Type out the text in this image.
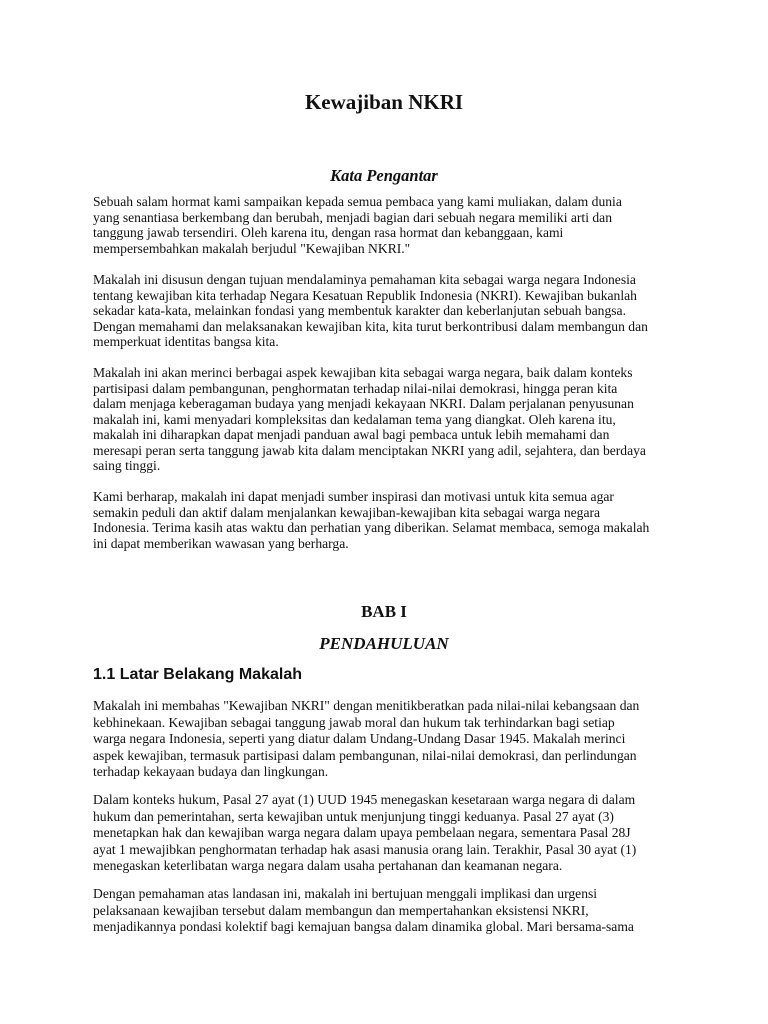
Kewajiban NKRI
Kata Pengantar

Sebuah salam hormat kami sampaikan kepada semua pembaca yang kami muliakan, dalam dunia
yang senantiasa berkembang dan berubah, menjadi bagian dari sebuah negara memiliki arti dan
tanggung jawab tersendiri. Oleh karena itu, dengan rasa hormat dan kebanggaan, kami
mempersembahkan makalah berjudul "Kewajiban NKRI."

Makalah ini disusun dengan tujuan mendalaminya pemahaman kita sebagai warga negara Indonesia
tentang kewajiban kita terhadap Negara Kesatuan Republik Indonesia (NKRI). Kewajiban bukanlah
sekadar kata-kata, melainkan fondasi yang membentuk karakter dan keberlanjutan sebuah bangsa.
Dengan memahami dan melaksanakan kewajiban kita, kita turut berkontribusi dalam membangun dan
memperkuat identitas bangsa kita.

Makalah ini akan merinci berbagai aspek kewajiban kita sebagai warga negara, baik dalam konteks
partisipasi dalam pembangunan, penghormatan terhadap nilai-nilai demokrasi, hingga peran kita
dalam menjaga keberagaman budaya yang menjadi kekayaan NKRI. Dalam perjalanan penyusunan
makalah ini, kami menyadari kompleksitas dan kedalaman tema yang diangkat. Oleh karena itu,
makalah ini diharapkan dapat menjadi panduan awal bagi pembaca untuk lebih memahami dan
meresapi peran serta tanggung jawab kita dalam menciptakan NKRI yang adil, sejahtera, dan berdaya
saing tinggi.

Kami berharap, makalah ini dapat menjadi sumber inspirasi dan motivasi untuk kita semua agar
semakin peduli dan aktif dalam menjalankan kewajiban-kewajiban kita sebagai warga negara
Indonesia. Terima kasih atas waktu dan perhatian yang diberikan. Selamat membaca, semoga makalah
ini dapat memberikan wawasan yang berharga.

BAB I
PENDAHULUAN
1.1 Latar Belakang Makalah

Makalah ini membahas "Kewajiban NKRI" dengan menitikberatkan pada nilai-nilai kebangsaan dan
kebhinekaan. Kewajiban sebagai tanggung jawab moral dan hukum tak terhindarkan bagi setiap
warga negara Indonesia, seperti yang diatur dalam Undang-Undang Dasar 1945. Makalah merinci
aspek kewajiban, termasuk partisipasi dalam pembangunan, nilai-nilai demokrasi, dan perlindungan
terhadap kekayaan budaya dan lingkungan.

Dalam konteks hukum, Pasal 27 ayat (1) UUD 1945 menegaskan kesetaraan warga negara di dalam
hukum dan pemerintahan, serta kewajiban untuk menjunjung tinggi keduanya. Pasal 27 ayat (3)
menetapkan hak dan kewajiban warga negara dalam upaya pembelaan negara, sementara Pasal 28J
ayat 1 mewajibkan penghormatan terhadap hak asasi manusia orang lain. Terakhir, Pasal 30 ayat (1)
menegaskan keterlibatan warga negara dalam usaha pertahanan dan keamanan negara.

Dengan pemahaman atas landasan ini, makalah ini bertujuan menggali implikasi dan urgensi
pelaksanaan kewajiban tersebut dalam membangun dan mempertahankan eksistensi NKRI,
menjadikannya pondasi kolektif bagi kemajuan bangsa dalam dinamika global. Mari bersama-sama
